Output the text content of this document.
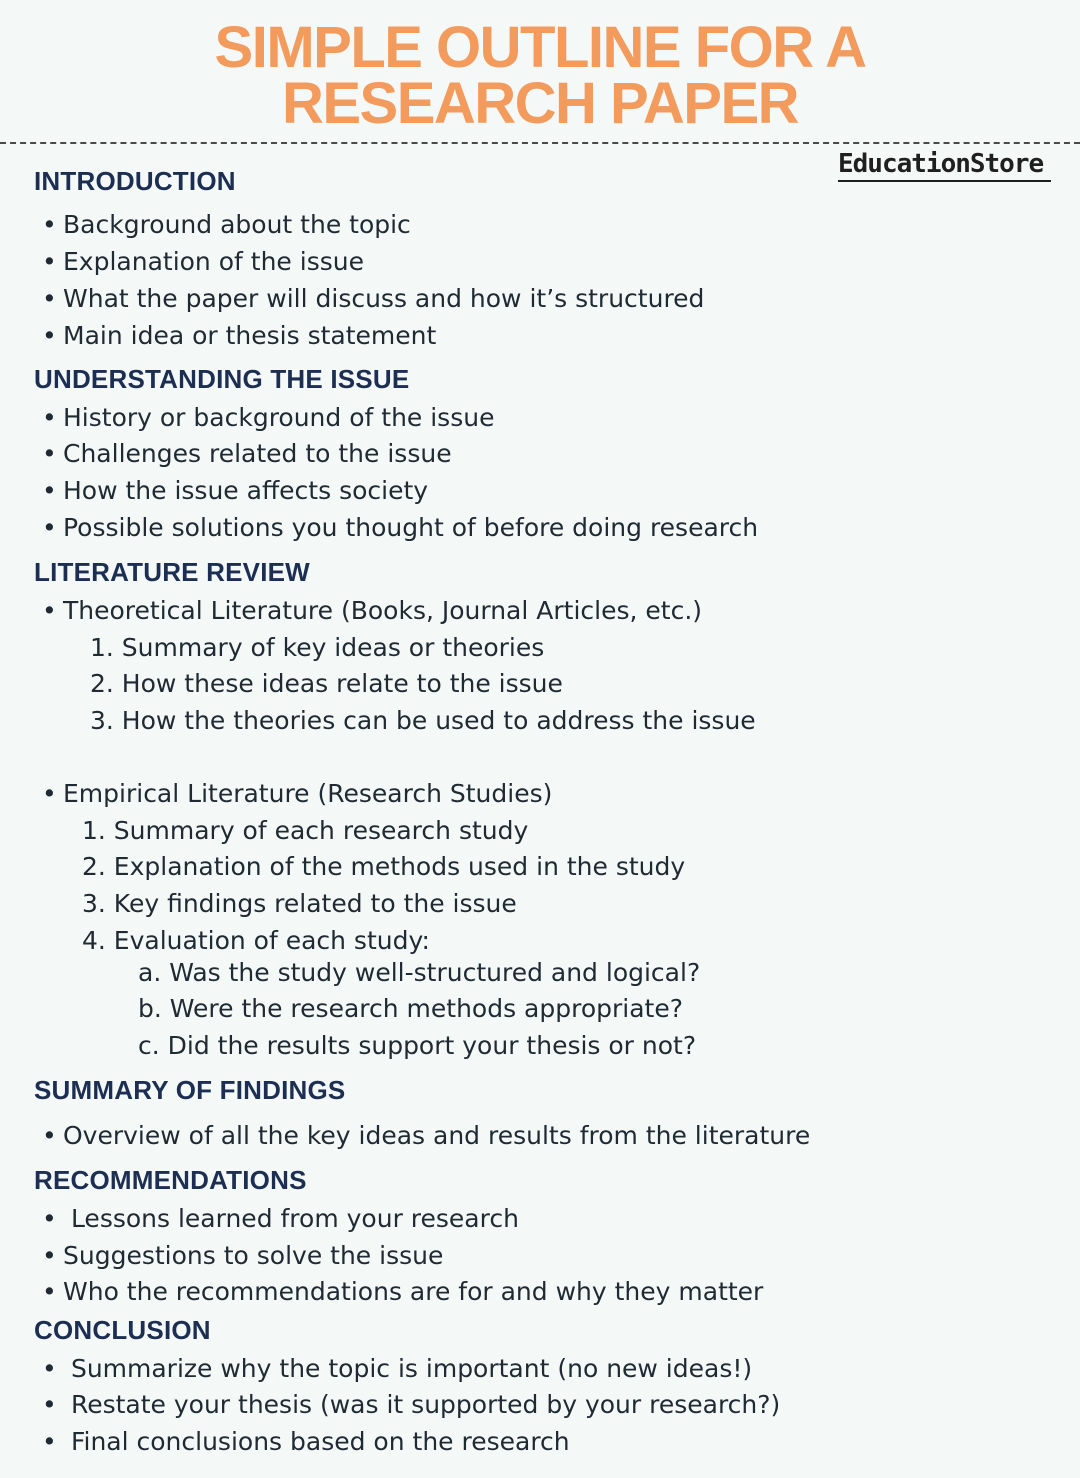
SIMPLE OUTLINE FOR A
RESEARCH PAPER
EducationStore
INTRODUCTION
• Background about the topic
• Explanation of the issue
• What the paper will discuss and how it’s structured
• Main idea or thesis statement
UNDERSTANDING THE ISSUE
• History or background of the issue
• Challenges related to the issue
• How the issue affects society
• Possible solutions you thought of before doing research
LITERATURE REVIEW
• Theoretical Literature (Books, Journal Articles, etc.)
1. Summary of key ideas or theories
2. How these ideas relate to the issue
3. How the theories can be used to address the issue
• Empirical Literature (Research Studies)
1. Summary of each research study
2. Explanation of the methods used in the study
3. Key findings related to the issue
4. Evaluation of each study:
a. Was the study well-structured and logical?
b. Were the research methods appropriate?
c. Did the results support your thesis or not?
SUMMARY OF FINDINGS
• Overview of all the key ideas and results from the literature
RECOMMENDATIONS
• Lessons learned from your research
• Suggestions to solve the issue
• Who the recommendations are for and why they matter
CONCLUSION
• Summarize why the topic is important (no new ideas!)
• Restate your thesis (was it supported by your research?)
• Final conclusions based on the research
